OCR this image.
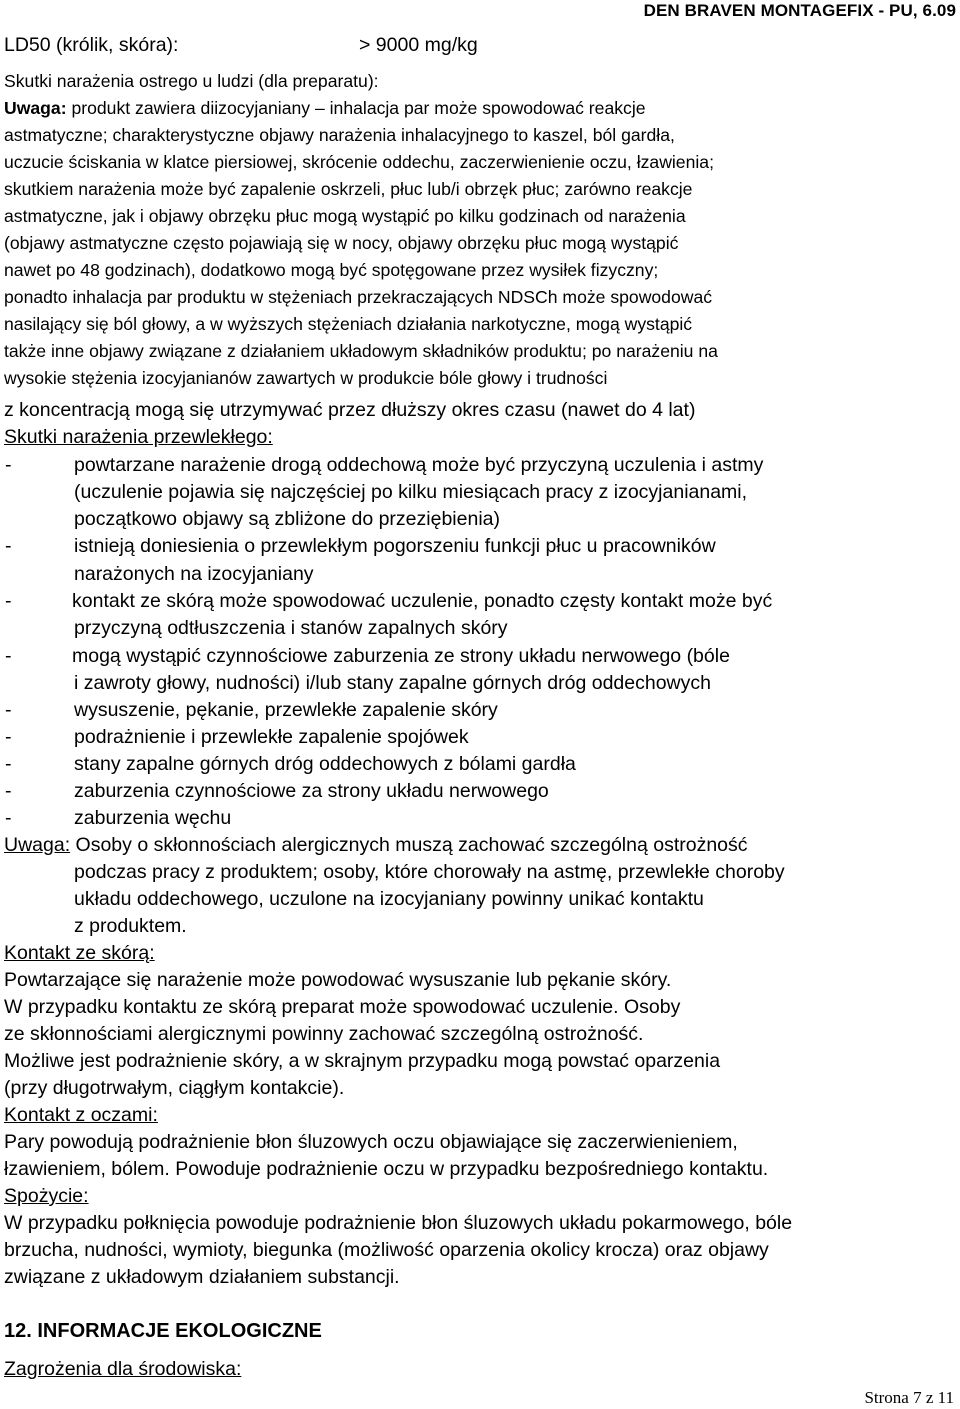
DEN BRAVEN MONTAGEFIX - PU, 6.09
LD50 (królik, skóra):	> 9000 mg/kg
Skutki narażenia ostrego u ludzi (dla preparatu):
Uwaga: produkt zawiera diizocyjaniany – inhalacja par może spowodować reakcje
astmatyczne; charakterystyczne objawy narażenia inhalacyjnego to kaszel, ból gardła,
uczucie ściskania w klatce piersiowej, skrócenie oddechu, zaczerwienienie oczu, łzawienia;
skutkiem narażenia może być zapalenie oskrzeli, płuc lub/i obrzęk płuc; zarówno reakcje
astmatyczne, jak i objawy obrzęku płuc mogą wystąpić po kilku godzinach od narażenia
(objawy astmatyczne często pojawiają się w nocy, objawy obrzęku płuc mogą wystąpić
nawet po 48 godzinach), dodatkowo mogą być spotęgowane przez wysiłek fizyczny;
ponadto inhalacja par produktu w stężeniach przekraczających NDSCh może spowodować
nasilający się ból głowy, a w wyższych stężeniach działania narkotyczne, mogą wystąpić
także inne objawy związane z działaniem układowym składników produktu; po narażeniu na
wysokie stężenia izocyjanianów zawartych w produkcie bóle głowy i trudności
z koncentracją mogą się utrzymywać przez dłuższy okres czasu (nawet do 4 lat)
Skutki narażenia przewlekłego:
-	powtarzane narażenie drogą oddechową może być przyczyną uczulenia i astmy
(uczulenie pojawia się najczęściej po kilku miesiącach pracy z izocyjanianami,
początkowo objawy są zbliżone do przeziębienia)
-	istnieją doniesienia o przewlekłym pogorszeniu funkcji płuc u pracowników
narażonych na izocyjaniany
-	kontakt ze skórą może spowodować uczulenie, ponadto częsty kontakt może być
przyczyną odtłuszczenia i stanów zapalnych skóry
-	mogą wystąpić czynnościowe zaburzenia ze strony układu nerwowego (bóle
i zawroty głowy, nudności) i/lub stany zapalne górnych dróg oddechowych
-	wysuszenie, pękanie, przewlekłe zapalenie skóry
-	podrażnienie i przewlekłe zapalenie spojówek
-	stany zapalne górnych dróg oddechowych z bólami gardła
-	zaburzenia czynnościowe za strony układu nerwowego
-	zaburzenia węchu
Uwaga: Osoby o skłonnościach alergicznych muszą zachować szczególną ostrożność
podczas pracy z produktem; osoby, które chorowały na astmę, przewlekłe choroby
układu oddechowego, uczulone na izocyjaniany powinny unikać kontaktu
z produktem.
Kontakt ze skórą:
Powtarzające się narażenie może powodować wysuszanie lub pękanie skóry.
W przypadku kontaktu ze skórą preparat może spowodować uczulenie. Osoby
ze skłonnościami alergicznymi powinny zachować szczególną ostrożność.
Możliwe jest podrażnienie skóry, a w skrajnym przypadku mogą powstać oparzenia
(przy długotrwałym, ciągłym kontakcie).
Kontakt z oczami:
Pary powodują podrażnienie błon śluzowych oczu objawiające się zaczerwienieniem,
łzawieniem, bólem. Powoduje podrażnienie oczu w przypadku bezpośredniego kontaktu.
Spożycie:
W przypadku połknięcia powoduje podrażnienie błon śluzowych układu pokarmowego, bóle
brzucha, nudności, wymioty, biegunka (możliwość oparzenia okolicy krocza) oraz objawy
związane z układowym działaniem substancji.
12. INFORMACJE EKOLOGICZNE
Zagrożenia dla środowiska:
Strona 7 z 11
